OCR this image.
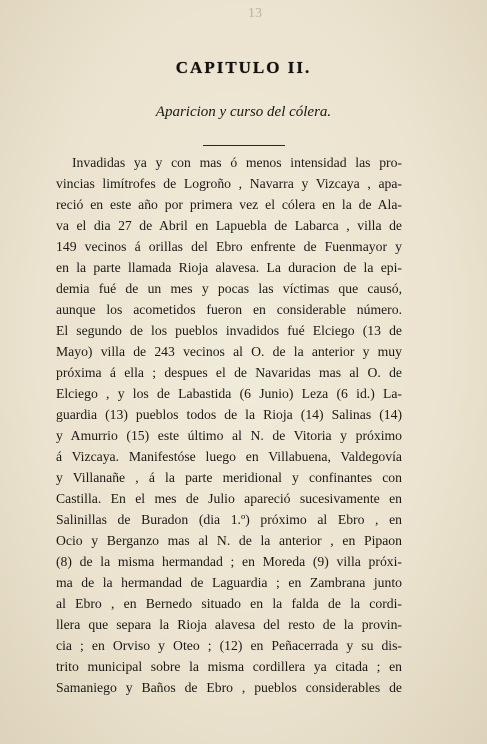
13

CAPITULO II.
Aparicion y curso del cólera.
Invadidas ya y con mas ó menos intensidad las pro-
vincias limítrofes de Logroño , Navarra y Vizcaya , apa-
reció en este año por primera vez el cólera en la de Ala-
va el dia 27 de Abril en Lapuebla de Labarca , villa de
149 vecinos á orillas del Ebro enfrente de Fuenmayor y
en la parte llamada Rioja alavesa. La duracion de la epi-
demia fué de un mes y pocas las víctimas que causó,
aunque los acometidos fueron en considerable número.
El segundo de los pueblos invadidos fué Elciego (13 de
Mayo) villa de 243 vecinos al O. de la anterior y muy
próxima á ella ; despues el de Navaridas mas al O. de
Elciego , y los de Labastida (6 Junio) Leza (6 id.) La-
guardia (13) pueblos todos de la Rioja (14) Salinas (14)
y Amurrio (15) este último al N. de Vitoria y próximo
á Vizcaya. Manifestóse luego en Villabuena, Valdegovía
y Villanañe , á la parte meridional y confinantes con
Castilla. En el mes de Julio apareció sucesivamente en
Salinillas de Buradon (dia 1.º) próximo al Ebro , en
Ocio y Berganzo mas al N. de la anterior , en Pipaon
(8) de la misma hermandad ; en Moreda (9) villa próxi-
ma de la hermandad de Laguardia ; en Zambrana junto
al Ebro , en Bernedo situado en la falda de la cordi-
llera que separa la Rioja alavesa del resto de la provin-
cia ; en Orviso y Oteo ; (12) en Peñacerrada y su dis-
trito municipal sobre la misma cordillera ya citada ; en
Samaniego y Baños de Ebro , pueblos considerables de
